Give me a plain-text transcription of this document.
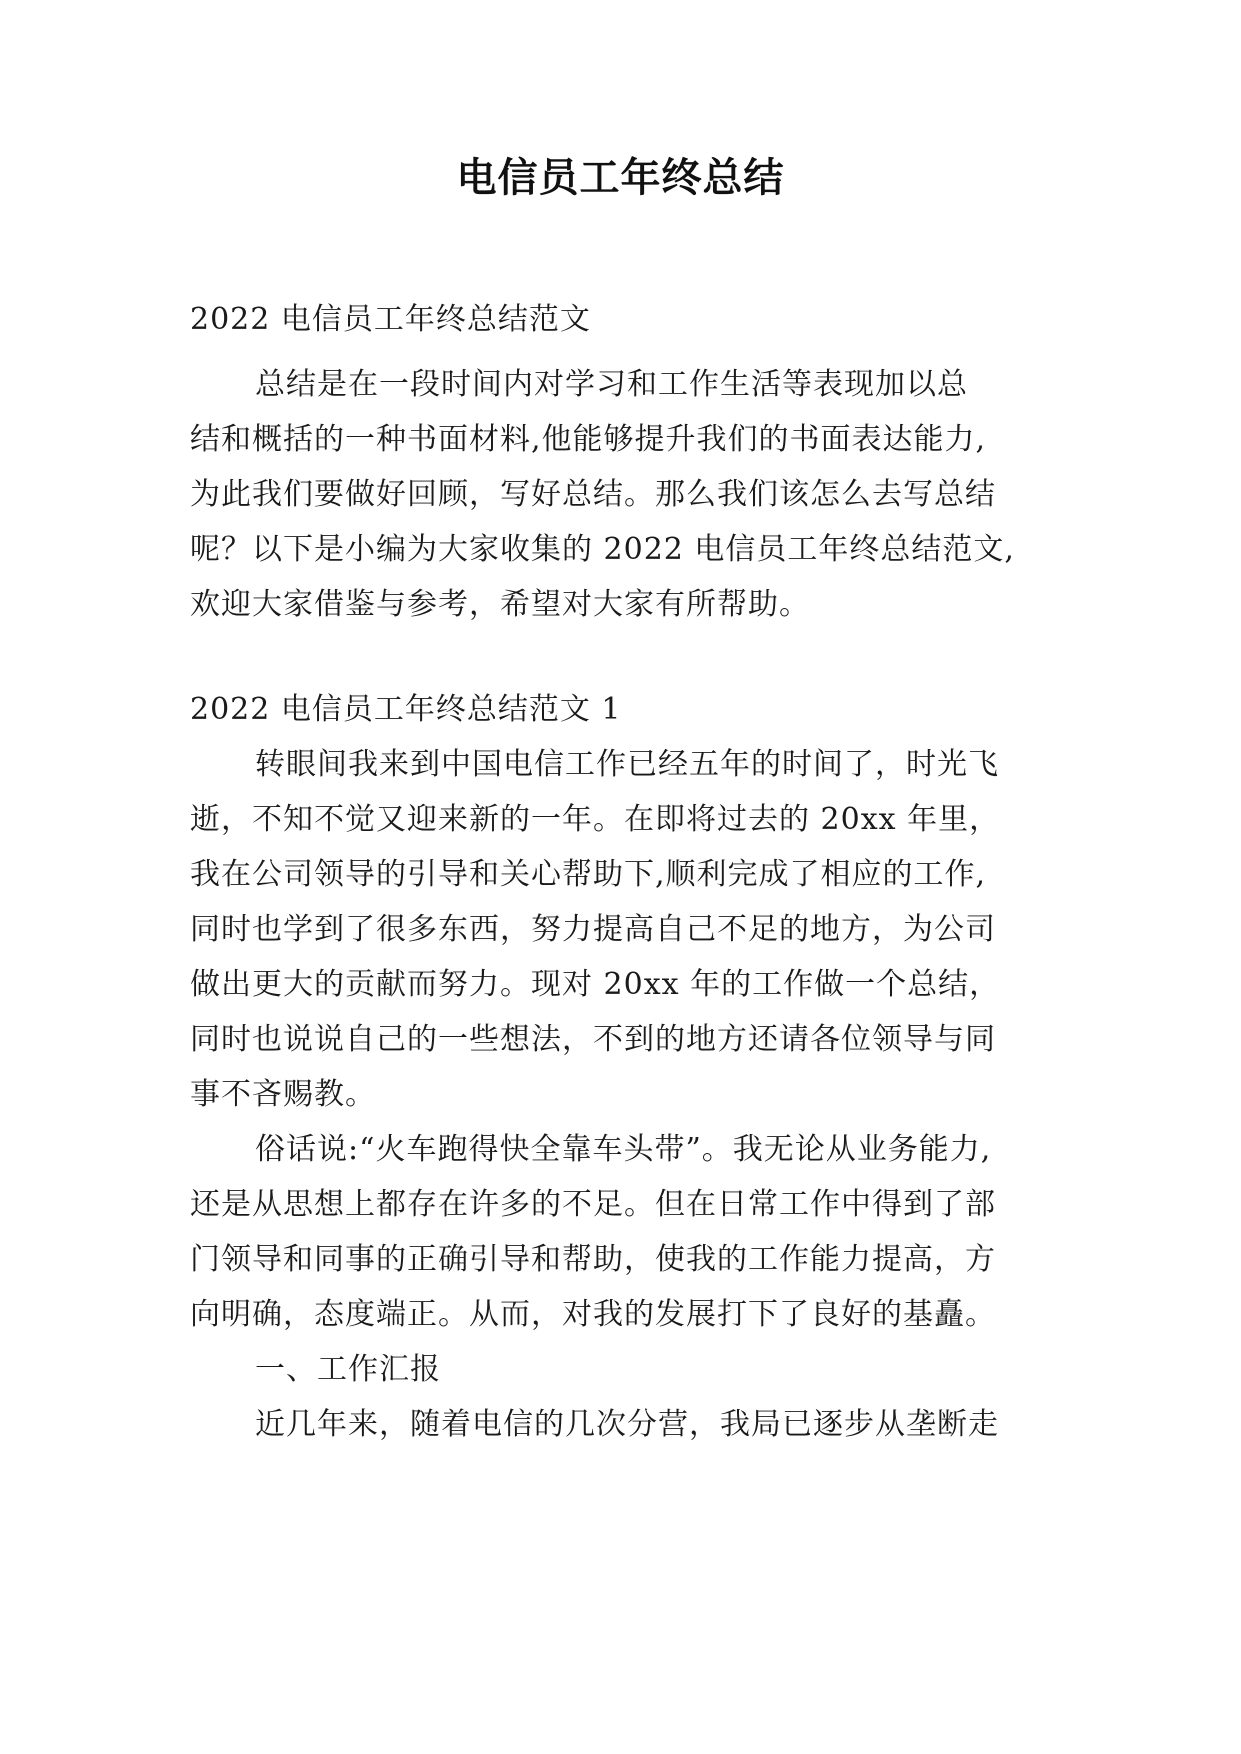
电信员工年终总结
2022 电信员工年终总结范文
总结是在一段时间内对学习和工作生活等表现加以总
结和概括的一种书面材料,他能够提升我们的书面表达能力,
为此我们要做好回顾，写好总结。那么我们该怎么去写总结
呢？以下是小编为大家收集的 2022 电信员工年终总结范文,
欢迎大家借鉴与参考，希望对大家有所帮助。
2022 电信员工年终总结范文 1
转眼间我来到中国电信工作已经五年的时间了，时光飞
逝，不知不觉又迎来新的一年。在即将过去的 20xx 年里，
我在公司领导的引导和关心帮助下,顺利完成了相应的工作,
同时也学到了很多东西，努力提高自己不足的地方，为公司
做出更大的贡献而努力。现对 20xx 年的工作做一个总结，
同时也说说自己的一些想法，不到的地方还请各位领导与同
事不吝赐教。
俗话说:“火车跑得快全靠车头带”。我无论从业务能力,
还是从思想上都存在许多的不足。但在日常工作中得到了部
门领导和同事的正确引导和帮助，使我的工作能力提高，方
向明确，态度端正。从而，对我的发展打下了良好的基矗。
一、工作汇报
近几年来，随着电信的几次分营，我局已逐步从垄断走
